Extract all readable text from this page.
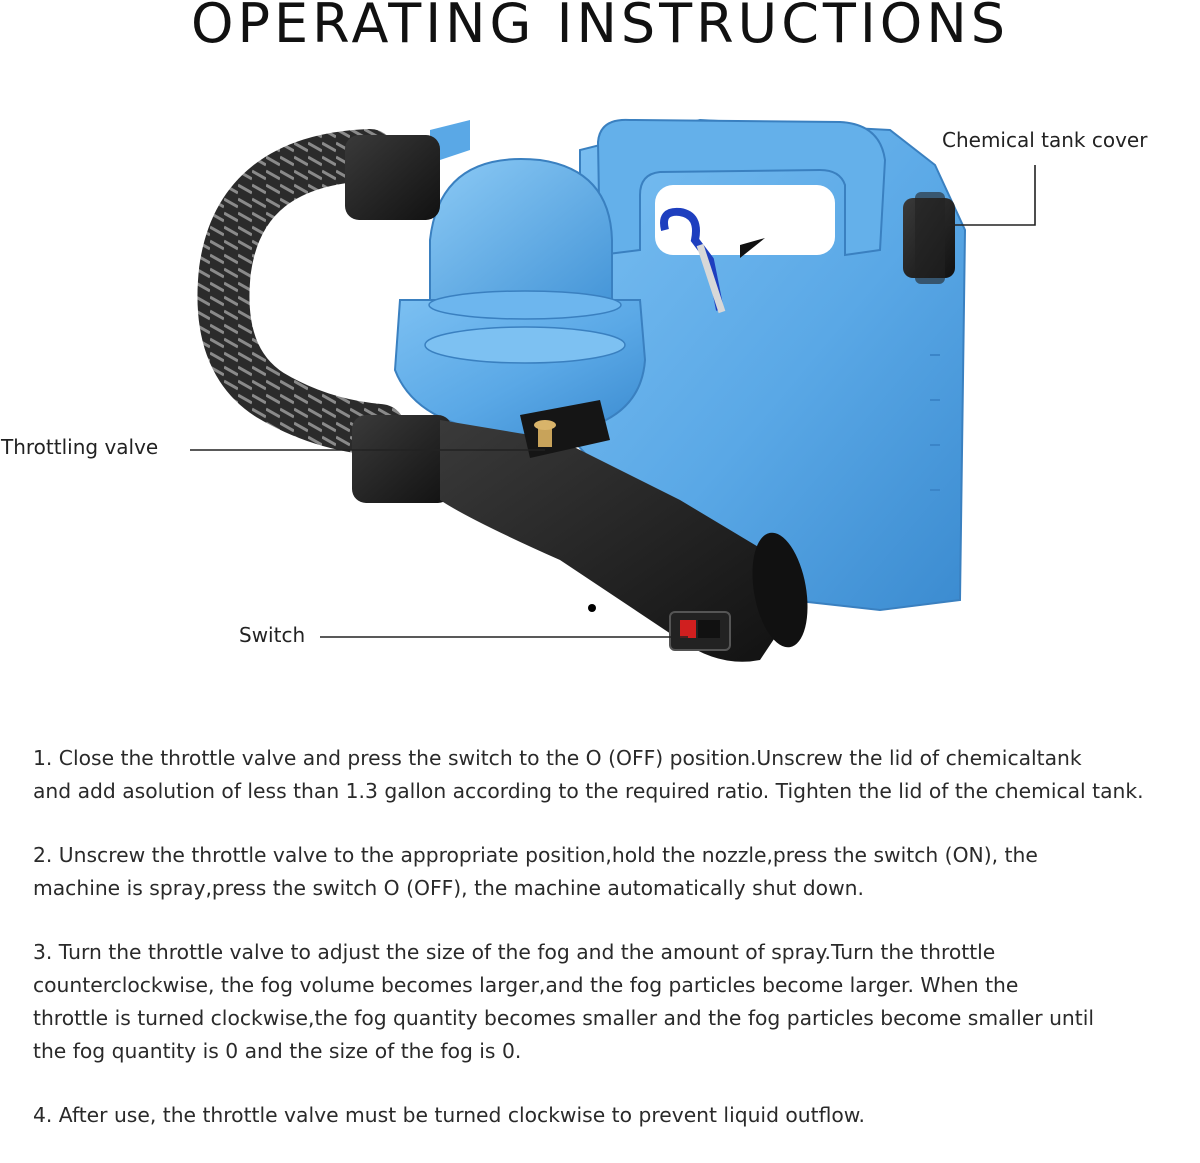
OPERATING INSTRUCTIONS
Chemical tank cover
Throttling valve
Switch

1. Close the throttle valve and press the switch to the O (OFF) position.Unscrew the lid of chemicaltank
and add asolution of less than 1.3 gallon according to the required ratio. Tighten the lid of the chemical tank.

2. Unscrew the throttle valve to the appropriate position,hold the nozzle,press the switch (ON), the
machine is spray,press the switch O (OFF), the machine automatically shut down.

3. Turn the throttle valve to adjust the size of the fog and the amount of spray.Turn the throttle
counterclockwise, the fog volume becomes larger,and the fog particles become larger. When the
throttle is turned clockwise,the fog quantity becomes smaller and the fog particles become smaller until
the fog quantity is 0 and the size of the fog is 0.

4. After use, the throttle valve must be turned clockwise to prevent liquid outflow.
